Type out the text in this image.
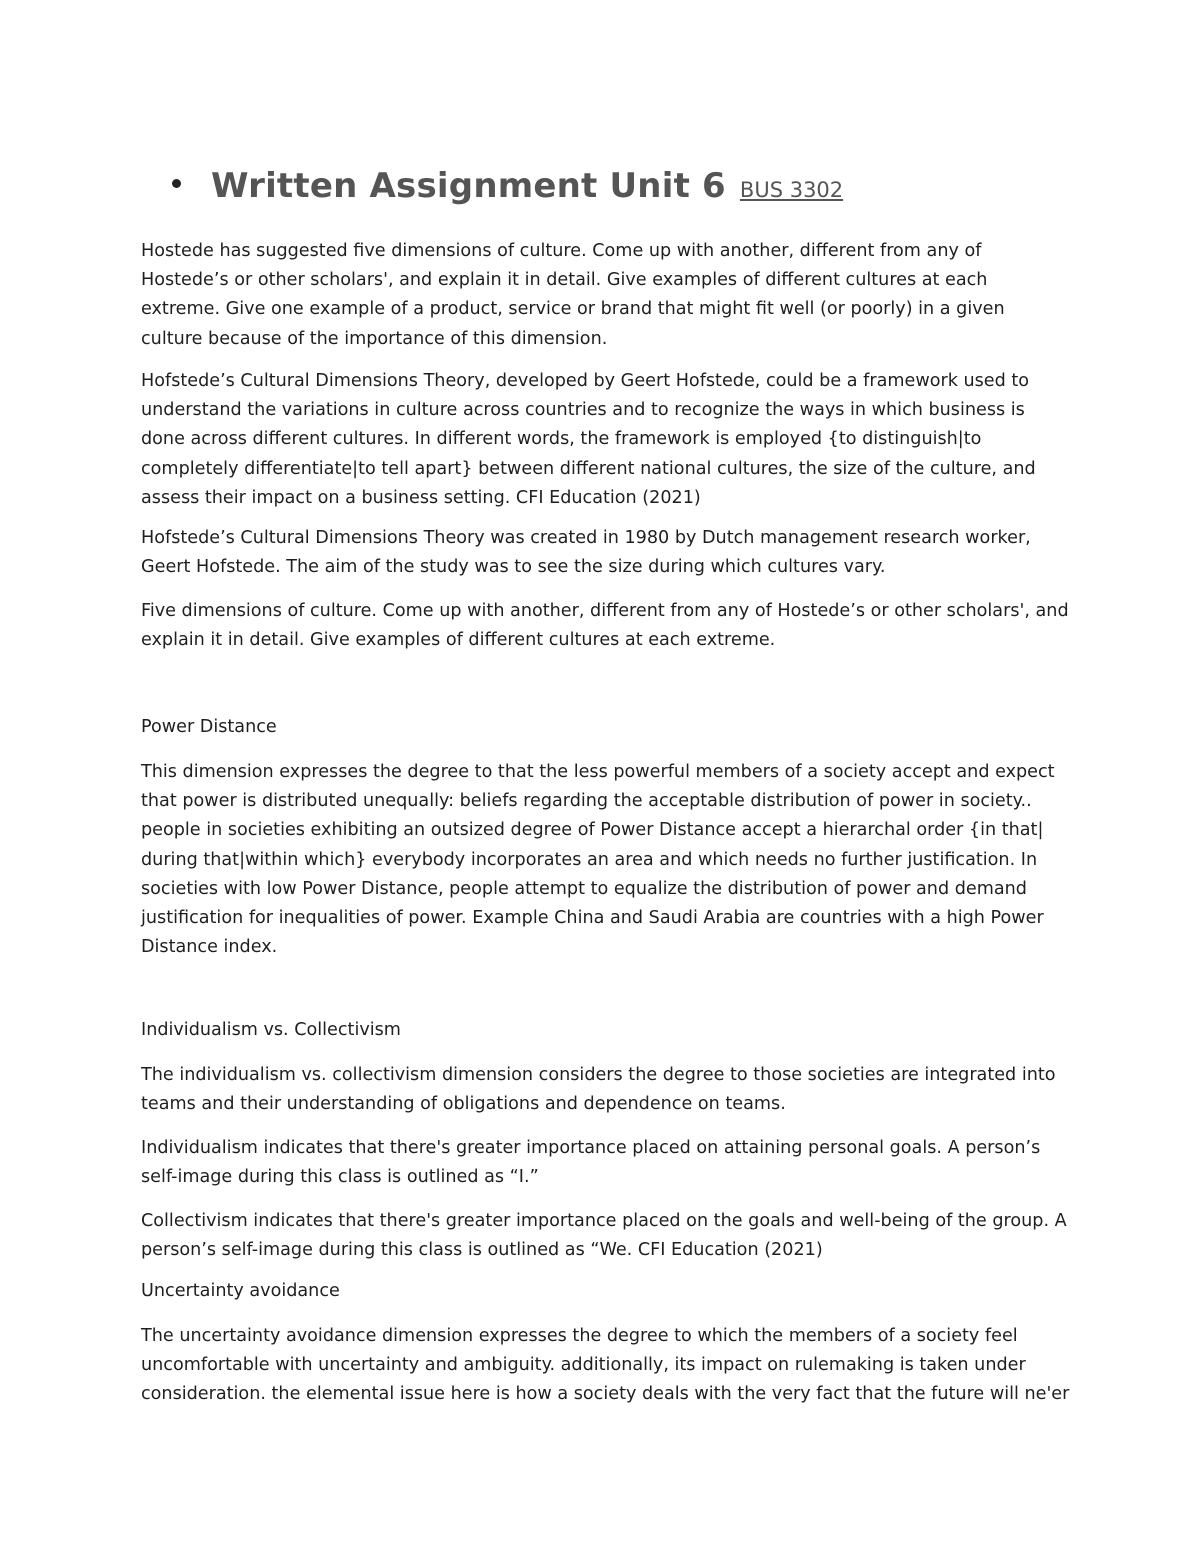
Written Assignment Unit 6 BUS 3302

Hostede has suggested five dimensions of culture. Come up with another, different from any of Hostede’s or other scholars', and explain it in detail. Give examples of different cultures at each extreme. Give one example of a product, service or brand that might fit well (or poorly) in a given culture because of the importance of this dimension.

Hofstede’s Cultural Dimensions Theory, developed by Geert Hofstede, could be a framework used to understand the variations in culture across countries and to recognize the ways in which business is done across different cultures. In different words, the framework is employed {to distinguish|to completely differentiate|to tell apart} between different national cultures, the size of the culture, and assess their impact on a business setting. CFI Education (2021)

Hofstede’s Cultural Dimensions Theory was created in 1980 by Dutch management research worker, Geert Hofstede. The aim of the study was to see the size during which cultures vary.

Five dimensions of culture. Come up with another, different from any of Hostede’s or other scholars', and explain it in detail. Give examples of different cultures at each extreme.

Power Distance

This dimension expresses the degree to that the less powerful members of a society accept and expect that power is distributed unequally: beliefs regarding the acceptable distribution of power in society.. people in societies exhibiting an outsized degree of Power Distance accept a hierarchal order {in that| during that|within which} everybody incorporates an area and which needs no further justification. In societies with low Power Distance, people attempt to equalize the distribution of power and demand justification for inequalities of power. Example China and Saudi Arabia are countries with a high Power Distance index.

Individualism vs. Collectivism

The individualism vs. collectivism dimension considers the degree to those societies are integrated into teams and their understanding of obligations and dependence on teams.

Individualism indicates that there's greater importance placed on attaining personal goals. A person’s self-image during this class is outlined as “I.”

Collectivism indicates that there's greater importance placed on the goals and well-being of the group. A person’s self-image during this class is outlined as “We. CFI Education (2021)

Uncertainty avoidance

The uncertainty avoidance dimension expresses the degree to which the members of a society feel uncomfortable with uncertainty and ambiguity. additionally, its impact on rulemaking is taken under consideration. the elemental issue here is how a society deals with the very fact that the future will ne'er
